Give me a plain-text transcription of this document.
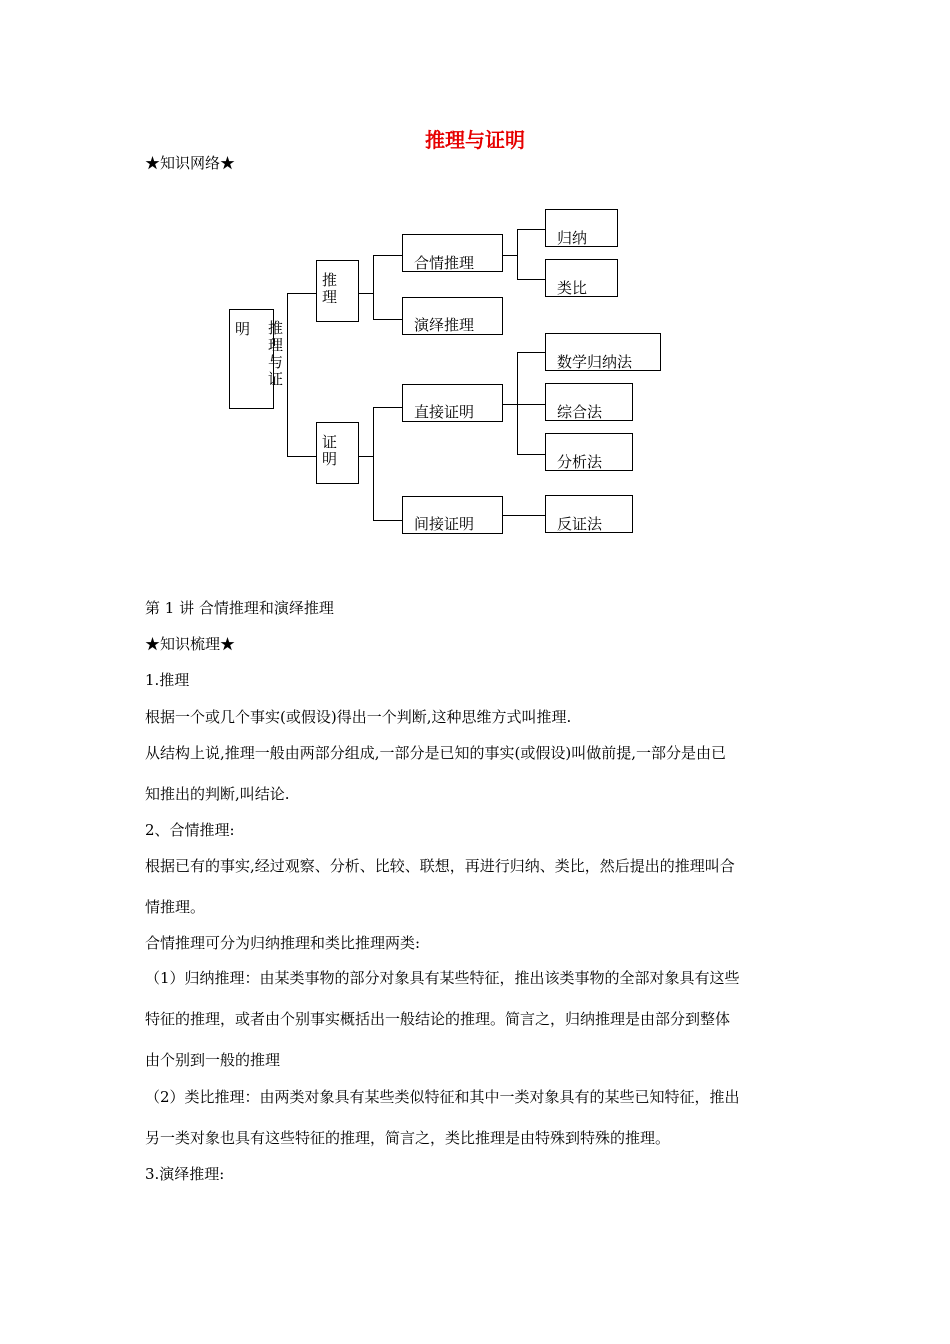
推理与证明
★知识网络★
明 推理与证
推理
证明
合情推理
演绎推理
归纳
类比
直接证明
间接证明
数学归纳法
综合法
分析法
反证法
第 1 讲 合情推理和演绎推理
★知识梳理★
1.推理
根据一个或几个事实(或假设)得出一个判断,这种思维方式叫推理.
从结构上说,推理一般由两部分组成,一部分是已知的事实(或假设)叫做前提,一部分是由已
知推出的判断,叫结论.
2、合情推理:
根据已有的事实,经过观察、分析、比较、联想，再进行归纳、类比，然后提出的推理叫合
情推理。
合情推理可分为归纳推理和类比推理两类:
（1）归纳推理：由某类事物的部分对象具有某些特征，推出该类事物的全部对象具有这些
特征的推理，或者由个别事实概括出一般结论的推理。简言之，归纳推理是由部分到整体
由个别到一般的推理
（2）类比推理：由两类对象具有某些类似特征和其中一类对象具有的某些已知特征，推出
另一类对象也具有这些特征的推理，简言之，类比推理是由特殊到特殊的推理。
3.演绎推理:
